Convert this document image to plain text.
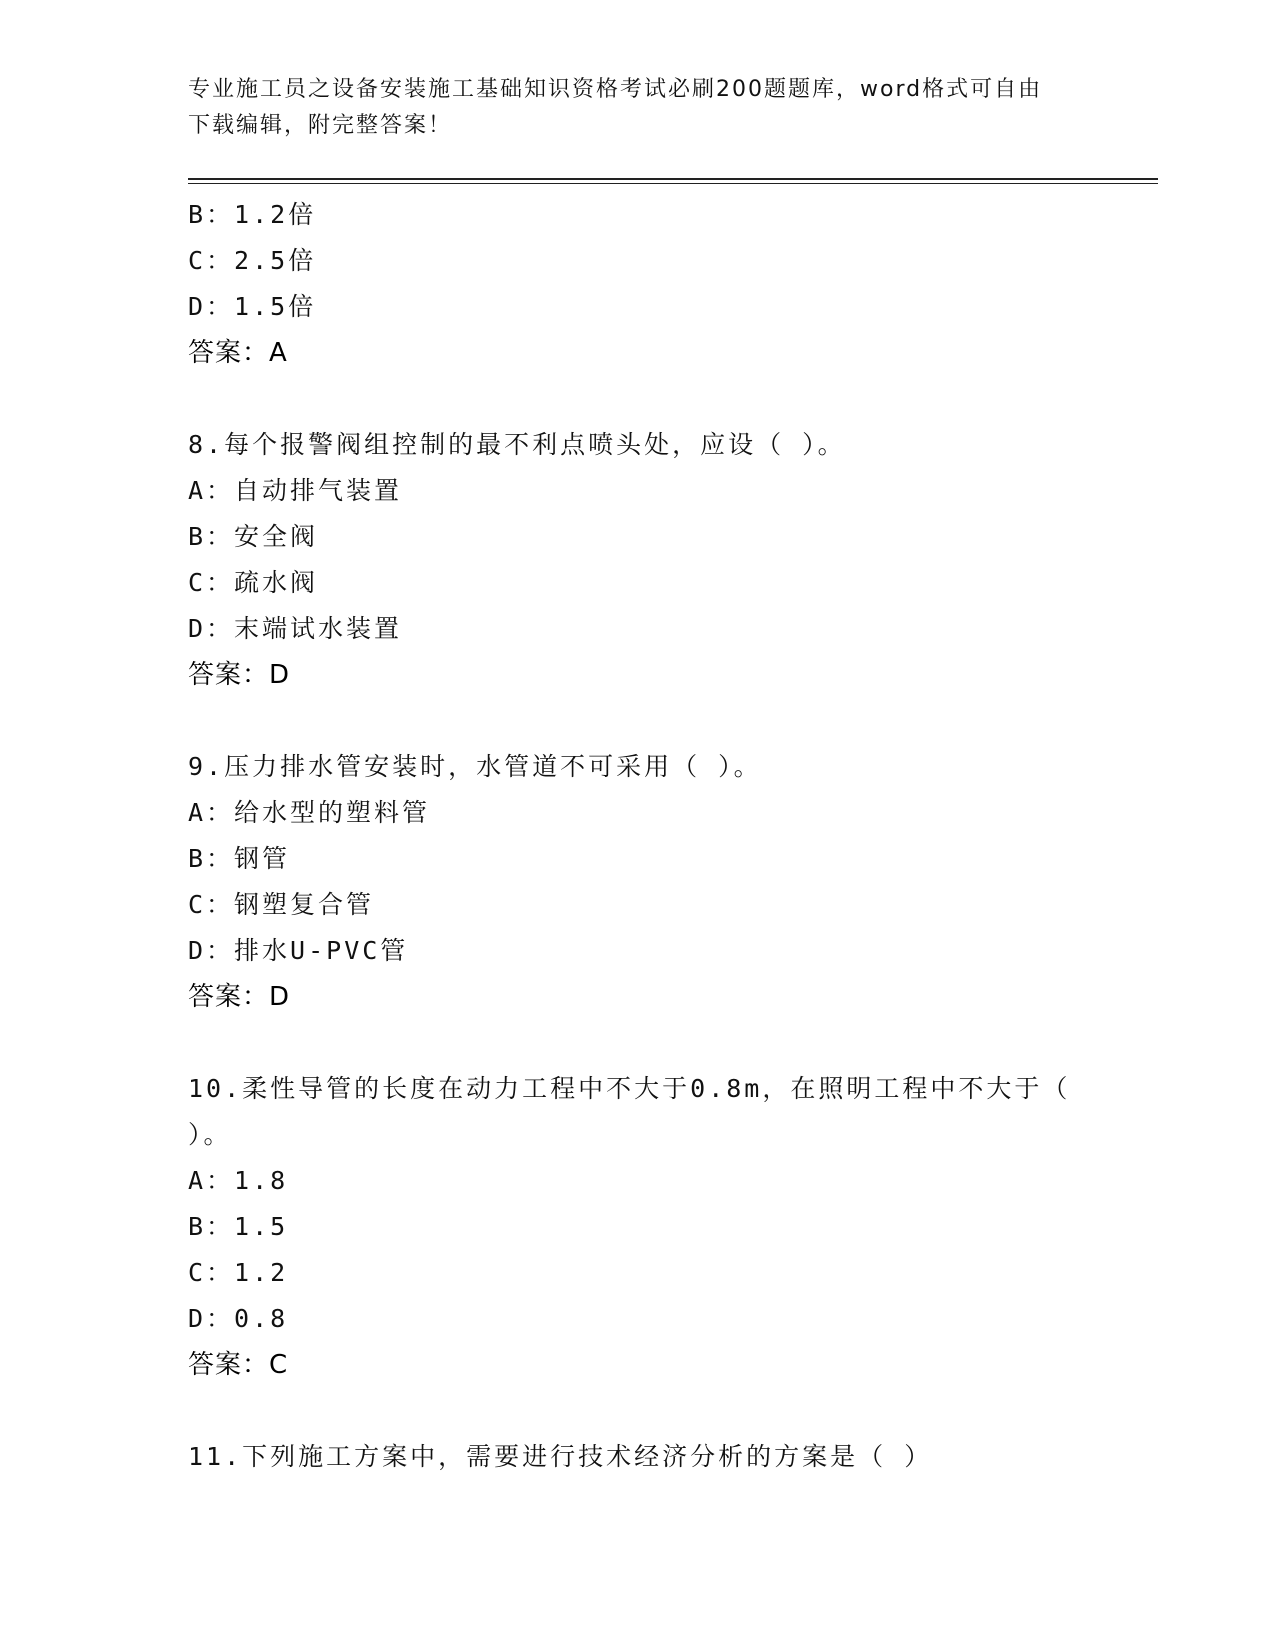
专业施工员之设备安装施工基础知识资格考试必刷200题题库，word格式可自由
下载编辑，附完整答案！
B：1.2倍
C：2.5倍
D：1.5倍
答案：A
8.每个报警阀组控制的最不利点喷头处，应设（ ）。
A：自动排气装置
B：安全阀
C：疏水阀
D：末端试水装置
答案：D
9.压力排水管安装时，水管道不可采用（ ）。
A：给水型的塑料管
B：钢管
C：钢塑复合管
D：排水U-PVC管
答案：D
10.柔性导管的长度在动力工程中不大于0.8m，在照明工程中不大于（
）。
A：1.8
B：1.5
C：1.2
D：0.8
答案：C
11.下列施工方案中，需要进行技术经济分析的方案是（ ）
